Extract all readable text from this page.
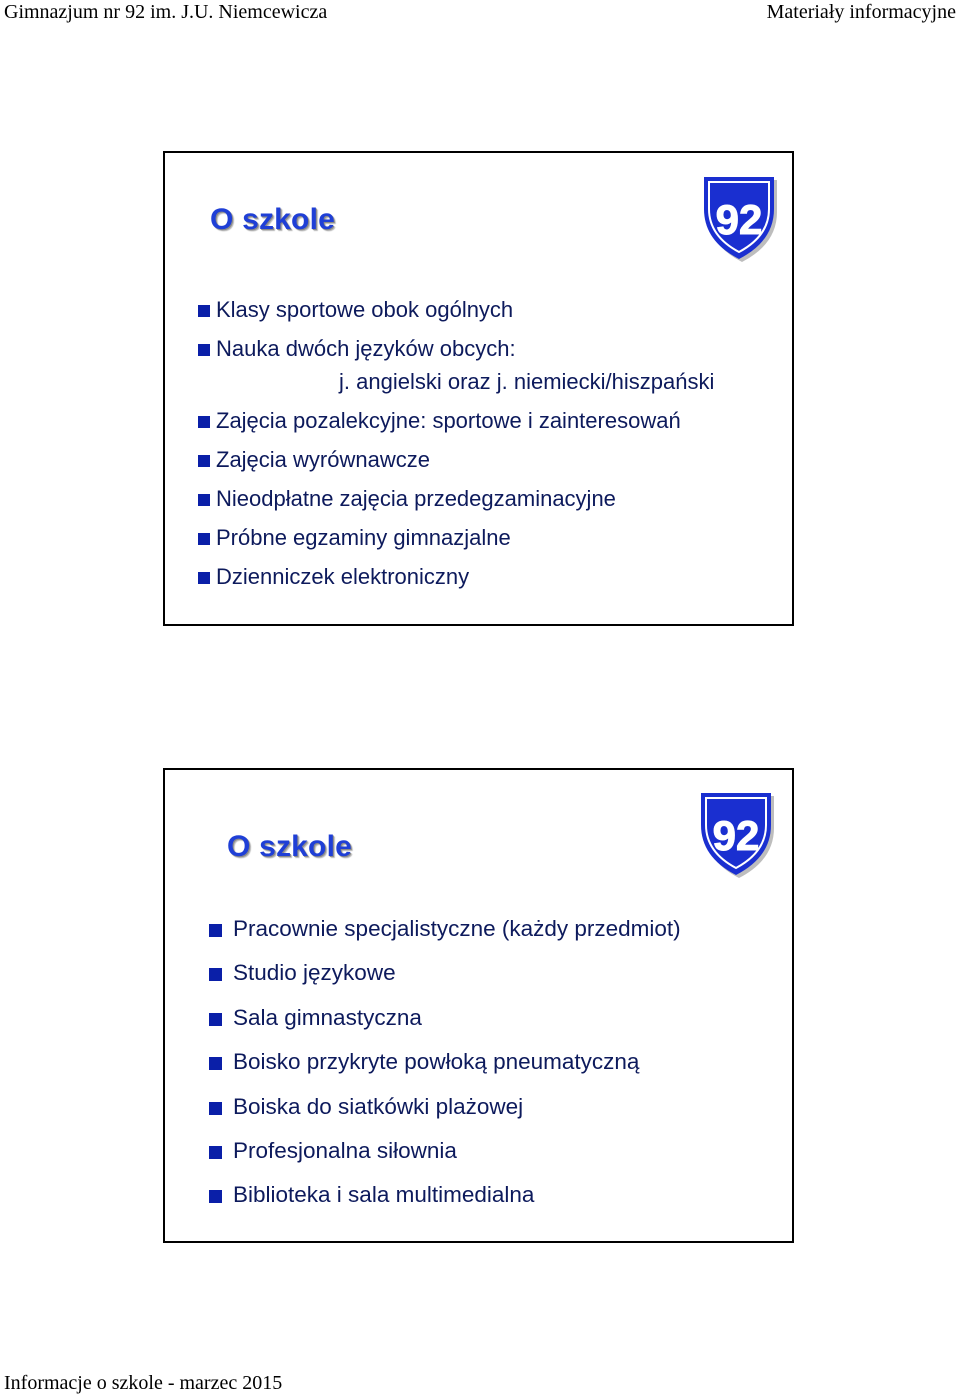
Gimnazjum nr 92 im. J.U. Niemcewicza	Materiały informacyjne
O szkole	92
Klasy sportowe obok ogólnych
Nauka dwóch języków obcych:
j. angielski oraz j. niemiecki/hiszpański
Zajęcia pozalekcyjne: sportowe i zainteresowań
Zajęcia wyrównawcze
Nieodpłatne zajęcia przedegzaminacyjne
Próbne egzaminy gimnazjalne
Dzienniczek elektroniczny
O szkole	92
Pracownie specjalistyczne (każdy przedmiot)
Studio językowe
Sala gimnastyczna
Boisko przykryte powłoką pneumatyczną
Boiska do siatkówki plażowej
Profesjonalna siłownia
Biblioteka i sala multimedialna
Informacje o szkole - marzec 2015
